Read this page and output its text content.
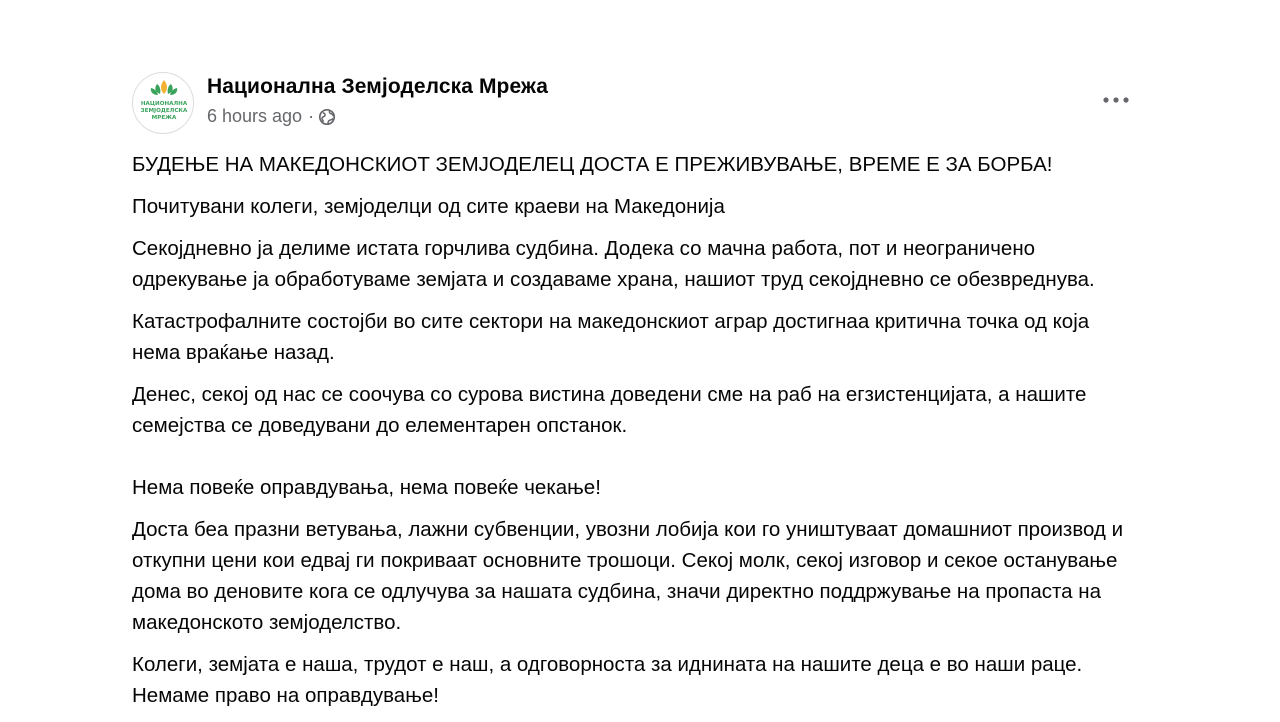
НАЦИОНАЛНА
ЗЕМЈОДЕЛСКА
МРЕЖА
Национална Земјоделска Мрежа
6 hours ago ·

БУДЕЊЕ НА МАКЕДОНСКИОТ ЗЕМЈОДЕЛЕЦ ДОСТА Е ПРЕЖИВУВАЊЕ, ВРЕМЕ Е ЗА БОРБА!

Почитувани колеги, земјоделци од сите краеви на Македонија

Секојдневно ја делиме истата горчлива судбина. Додека со мачна работа, пот и неограничено одрекување ја обработуваме земјата и создаваме храна, нашиот труд секојдневно се обезвреднува.

Катастрофалните состојби во сите сектори на македонскиот аграр достигнаа критична точка од која нема враќање назад.

Денес, секој од нас се соочува со сурова вистина доведени сме на раб на егзистенцијата, а нашите семејства се доведувани до елементарен опстанок.

Нема повеќе оправдувања, нема повеќе чекање!

Доста беа празни ветувања, лажни субвенции, увозни лобија кои го уништуваат домашниот производ и откупни цени кои едвај ги покриваат основните трошоци. Секој молк, секој изговор и секое останување дома во деновите кога се одлучува за нашата судбина, значи директно поддржување на пропаста на македонското земјоделство.

Колеги, земјата е наша, трудот е наш, а одговорноста за иднината на нашите деца е во наши раце. Немаме право на оправдување!
